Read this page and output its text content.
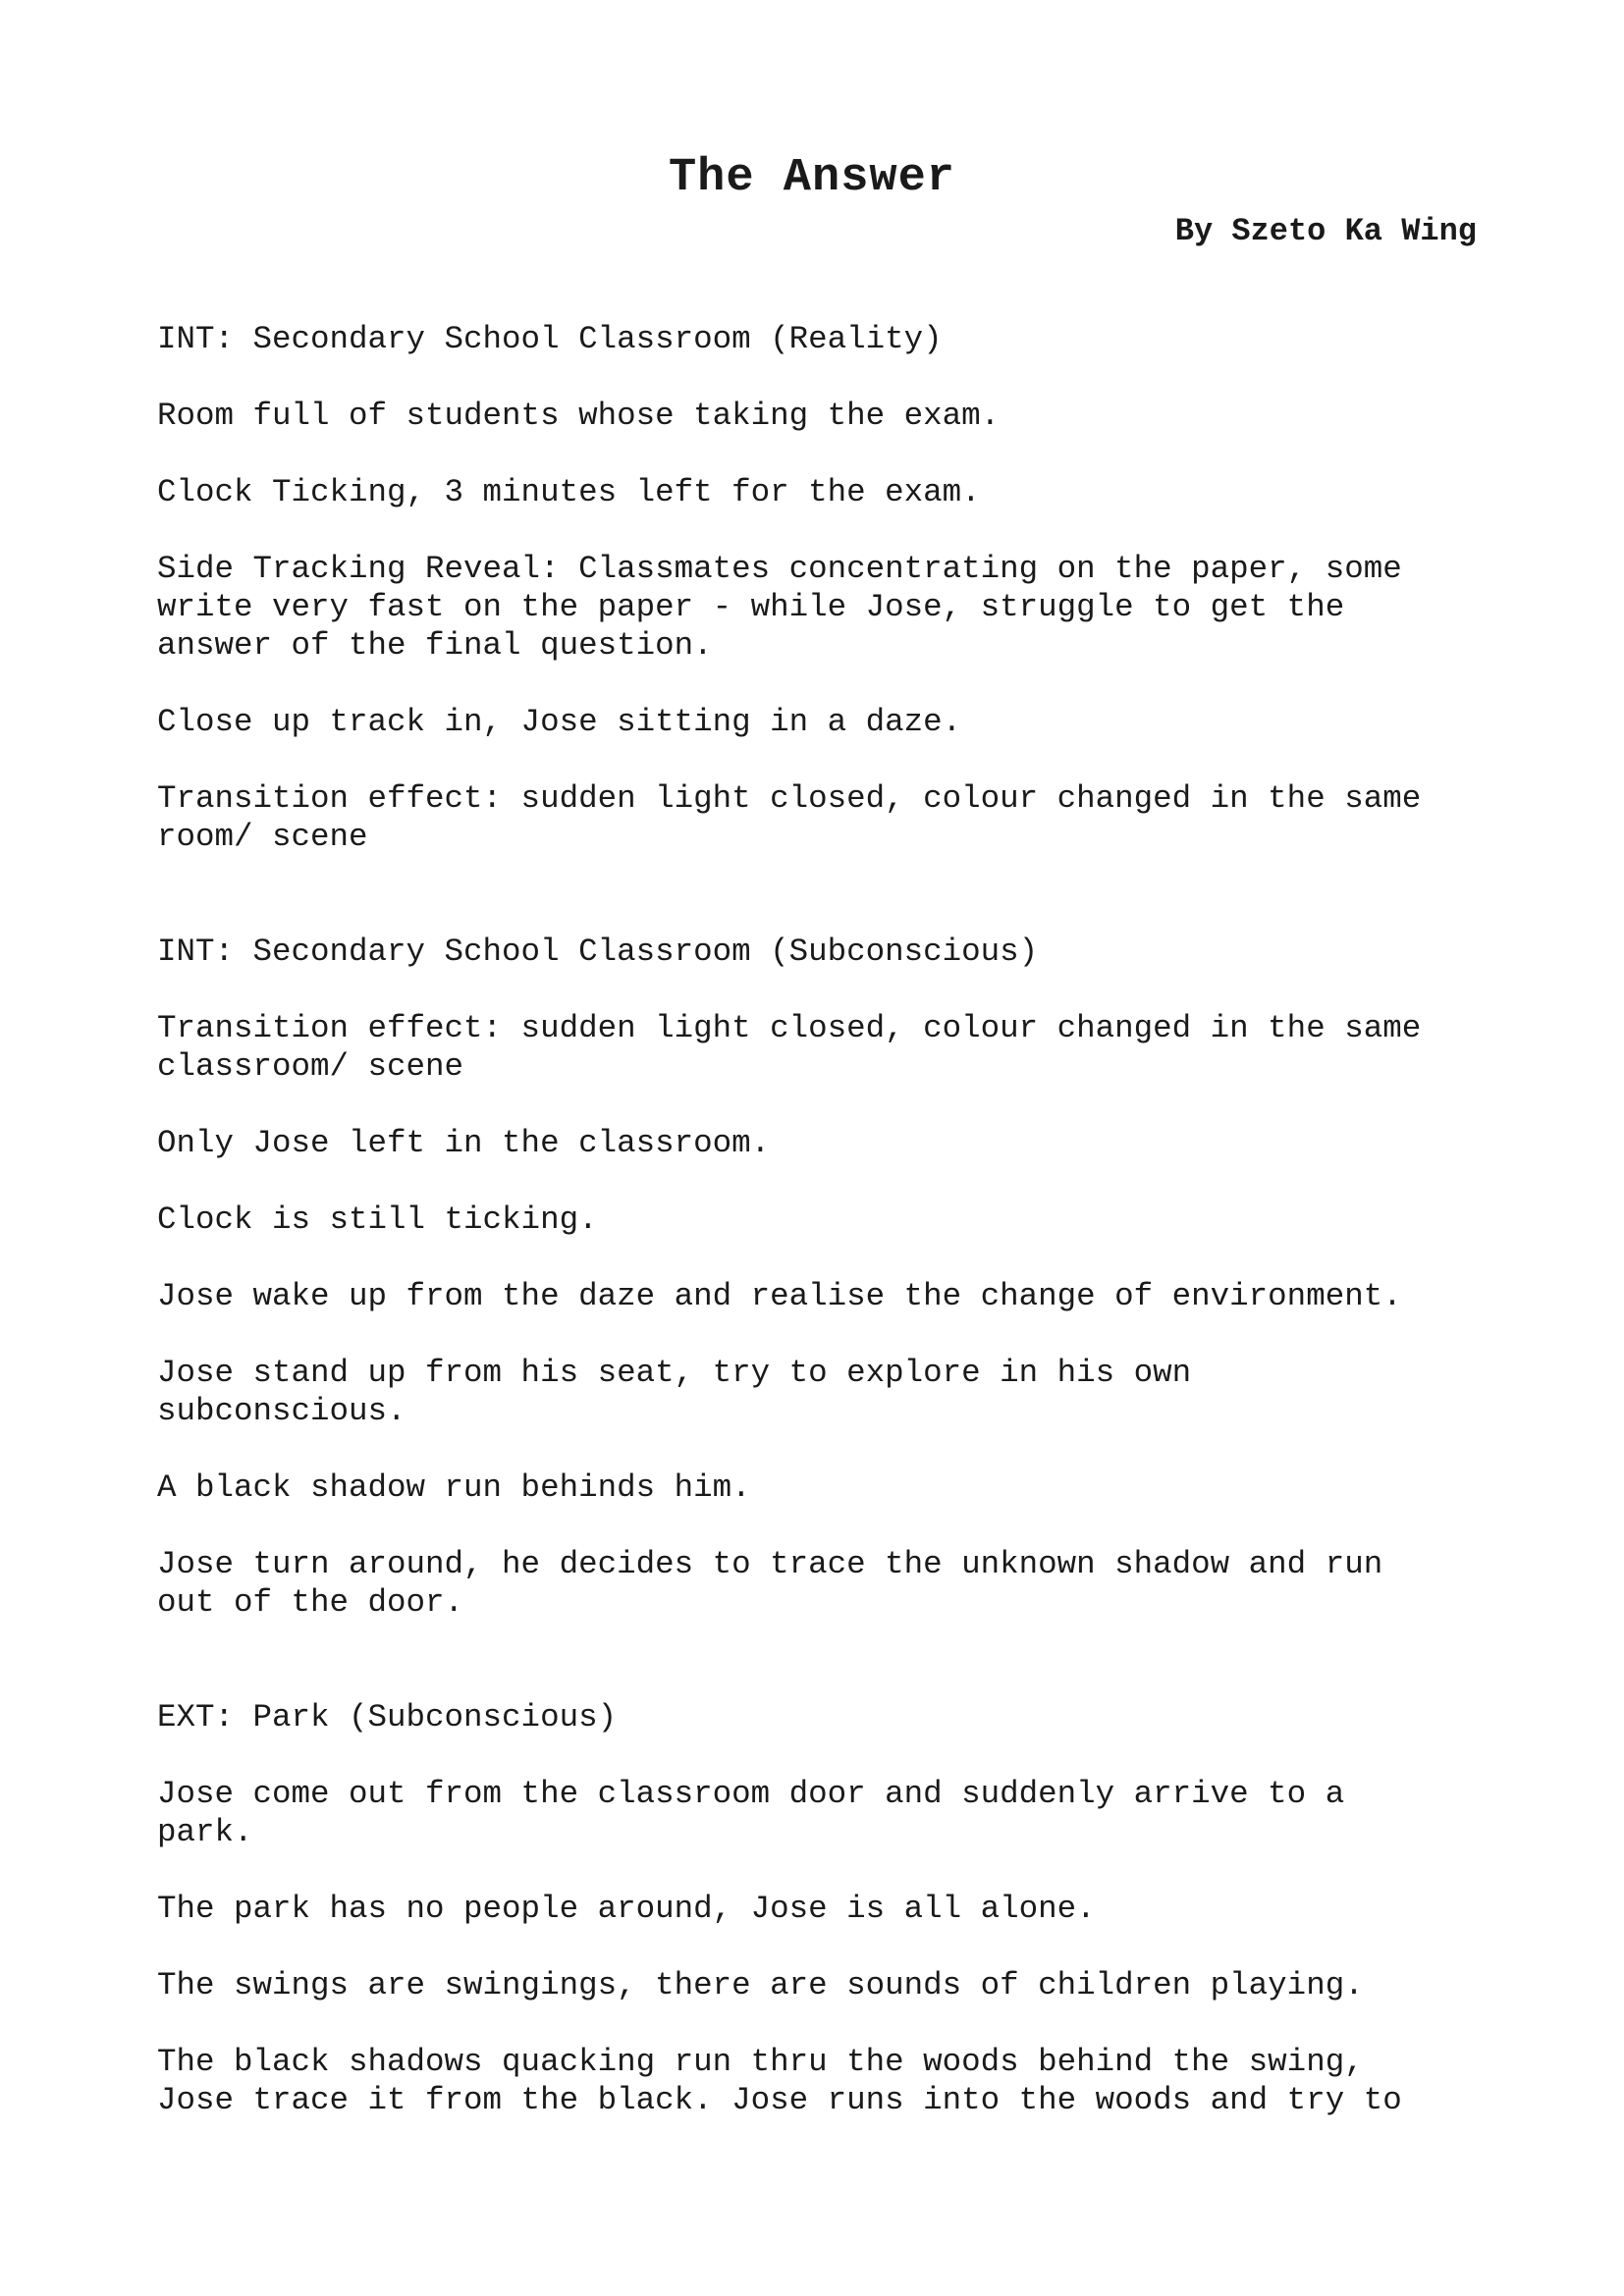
The Answer

By Szeto Ka Wing

INT: Secondary School Classroom (Reality)

Room full of students whose taking the exam.

Clock Ticking, 3 minutes left for the exam.

Side Tracking Reveal: Classmates concentrating on the paper, some
write very fast on the paper - while Jose, struggle to get the
answer of the final question.

Close up track in, Jose sitting in a daze.

Transition effect: sudden light closed, colour changed in the same
room/ scene

INT: Secondary School Classroom (Subconscious)

Transition effect: sudden light closed, colour changed in the same
classroom/ scene

Only Jose left in the classroom.

Clock is still ticking.

Jose wake up from the daze and realise the change of environment.

Jose stand up from his seat, try to explore in his own
subconscious.

A black shadow run behinds him.

Jose turn around, he decides to trace the unknown shadow and run
out of the door.

EXT: Park (Subconscious)

Jose come out from the classroom door and suddenly arrive to a
park.

The park has no people around, Jose is all alone.

The swings are swingings, there are sounds of children playing.

The black shadows quacking run thru the woods behind the swing,
Jose trace it from the black. Jose runs into the woods and try to
